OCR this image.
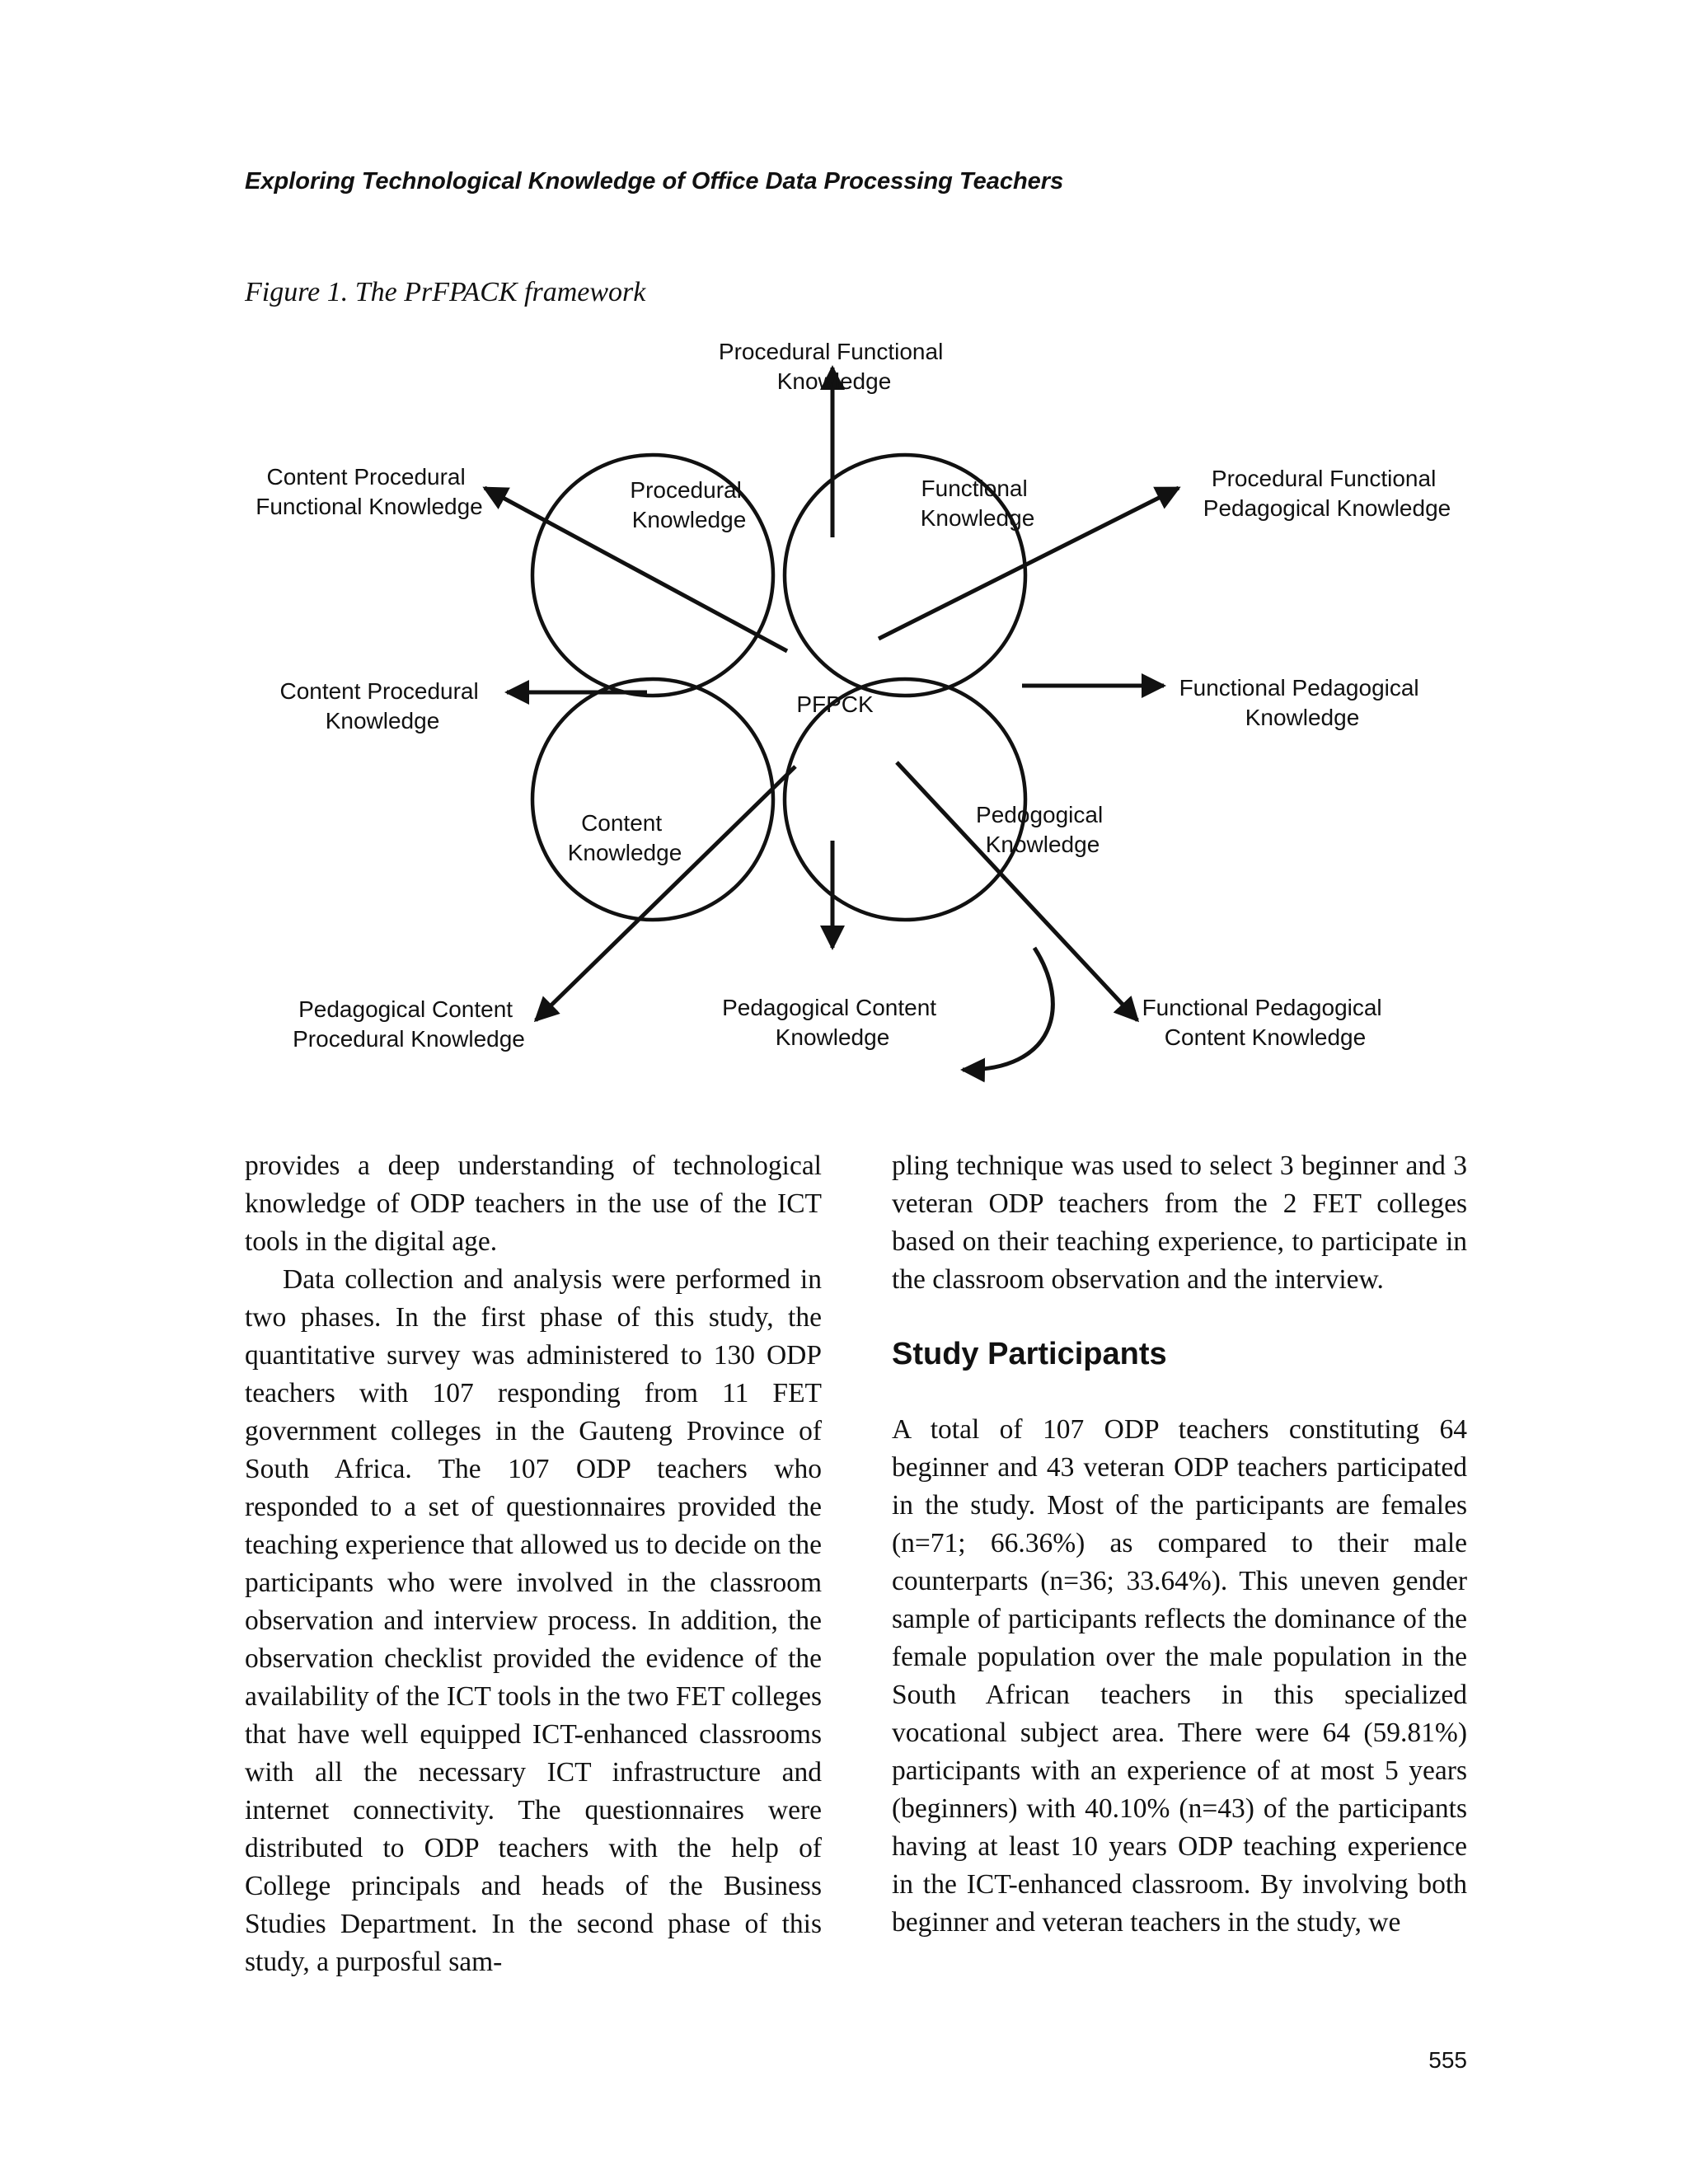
Exploring Technological Knowledge of Office Data Processing Teachers
Figure 1. The PrFPACK framework
Procedural Knowledge
Functional Knowledge
Content Knowledge
Pedogogical Knowledge
PFPCK
Procedural Functional Knowledge
Content Procedural Functional Knowledge
Procedural Functional Pedagogical Knowledge
Content Procedural Knowledge
Functional Pedagogical Knowledge
Pedagogical Content Procedural Knowledge
Pedagogical Content Knowledge
Functional Pedagogical Content Knowledge

provides a deep understanding of technological knowledge of ODP teachers in the use of the ICT tools in the digital age.

Data collection and analysis were performed in two phases. In the first phase of this study, the quantitative survey was administered to 130 ODP teachers with 107 responding from 11 FET government colleges in the Gauteng Province of South Africa. The 107 ODP teachers who responded to a set of questionnaires provided the teaching experience that allowed us to decide on the participants who were involved in the classroom observation and interview process. In addition, the observation checklist provided the evidence of the availability of the ICT tools in the two FET colleges that have well equipped ICT-enhanced classrooms with all the necessary ICT infrastructure and internet connectivity. The questionnaires were distributed to ODP teachers with the help of College principals and heads of the Business Studies Department. In the second phase of this study, a purposful sam-

pling technique was used to select 3 beginner and 3 veteran ODP teachers from the 2 FET colleges based on their teaching experience, to participate in the classroom observation and the interview.

Study Participants

A total of 107 ODP teachers constituting 64 beginner and 43 veteran ODP teachers participated in the study. Most of the participants are females (n=71; 66.36%) as compared to their male counterparts (n=36; 33.64%). This uneven gender sample of participants reflects the dominance of the female population over the male population in the South African teachers in this specialized vocational subject area. There were 64 (59.81%) participants with an experience of at most 5 years (beginners) with 40.10% (n=43) of the participants having at least 10 years ODP teaching experience in the ICT-enhanced classroom. By involving both beginner and veteran teachers in the study, we

555
